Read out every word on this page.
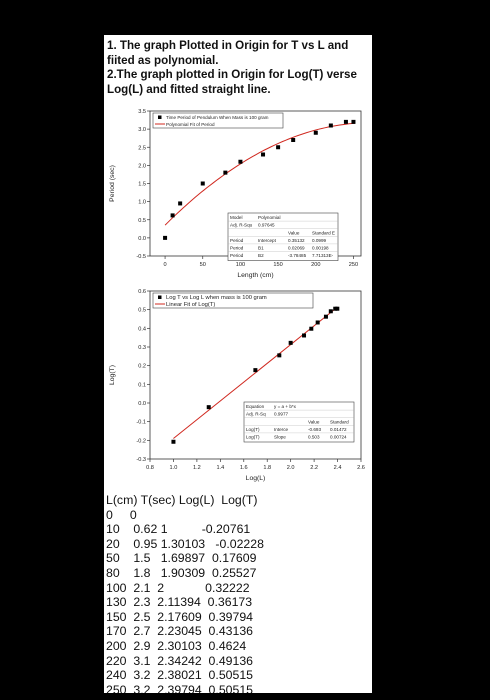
1. The graph Plotted in Origin for T vs L and fiited as polynomial.
2.The graph plotted in Origin for Log(T) verse Log(L) and fitted straight line.
0	50	100	150	200	250
-0.5
0.0
0.5
1.0
1.5
2.0
2.5
3.0
3.5
Length (cm)
Period (sec)
Time Period of Pendulum When Mass is 100 gram
Polynomial Fit of Period
Model	Polynomial
Adj. R-Squ 0.97645
Value	Standard E
Period	Intercept	0.35132 0.0999
Period	B1	0.02069 0.00198
Period	B2	-3.78485 7.71313E-
0.8	1.0	1.2	1.4	1.6	1.8	2.0	2.2	2.4	2.6
-0.3
-0.2
-0.1
0.0
0.1
0.2
0.3
0.4
0.5
0.6
Log(L)
Log(T)
Log T vs Log L when mass is 100 gram
Linear Fit of Log(T)
Equation y = a + b*x
Adj. R-Sq 0.9977
Value Standard
Log(T)	Interce	-0.693 0.01472
Log(T)	Slope	0.503 0.00724
L(cm) T(sec) Log(L)  Log(T)
0     0
10    0.62 1          -0.20761
20    0.95 1.30103   -0.02228
50    1.5   1.69897  0.17609
80    1.8   1.90309  0.25527
100  2.1  2            0.32222
130  2.3  2.11394  0.36173
150  2.5  2.17609  0.39794
170  2.7  2.23045  0.43136
200  2.9  2.30103  0.4624
220  3.1  2.34242  0.49136
240  3.2  2.38021  0.50515
250  3.2  2.39794  0.50515
